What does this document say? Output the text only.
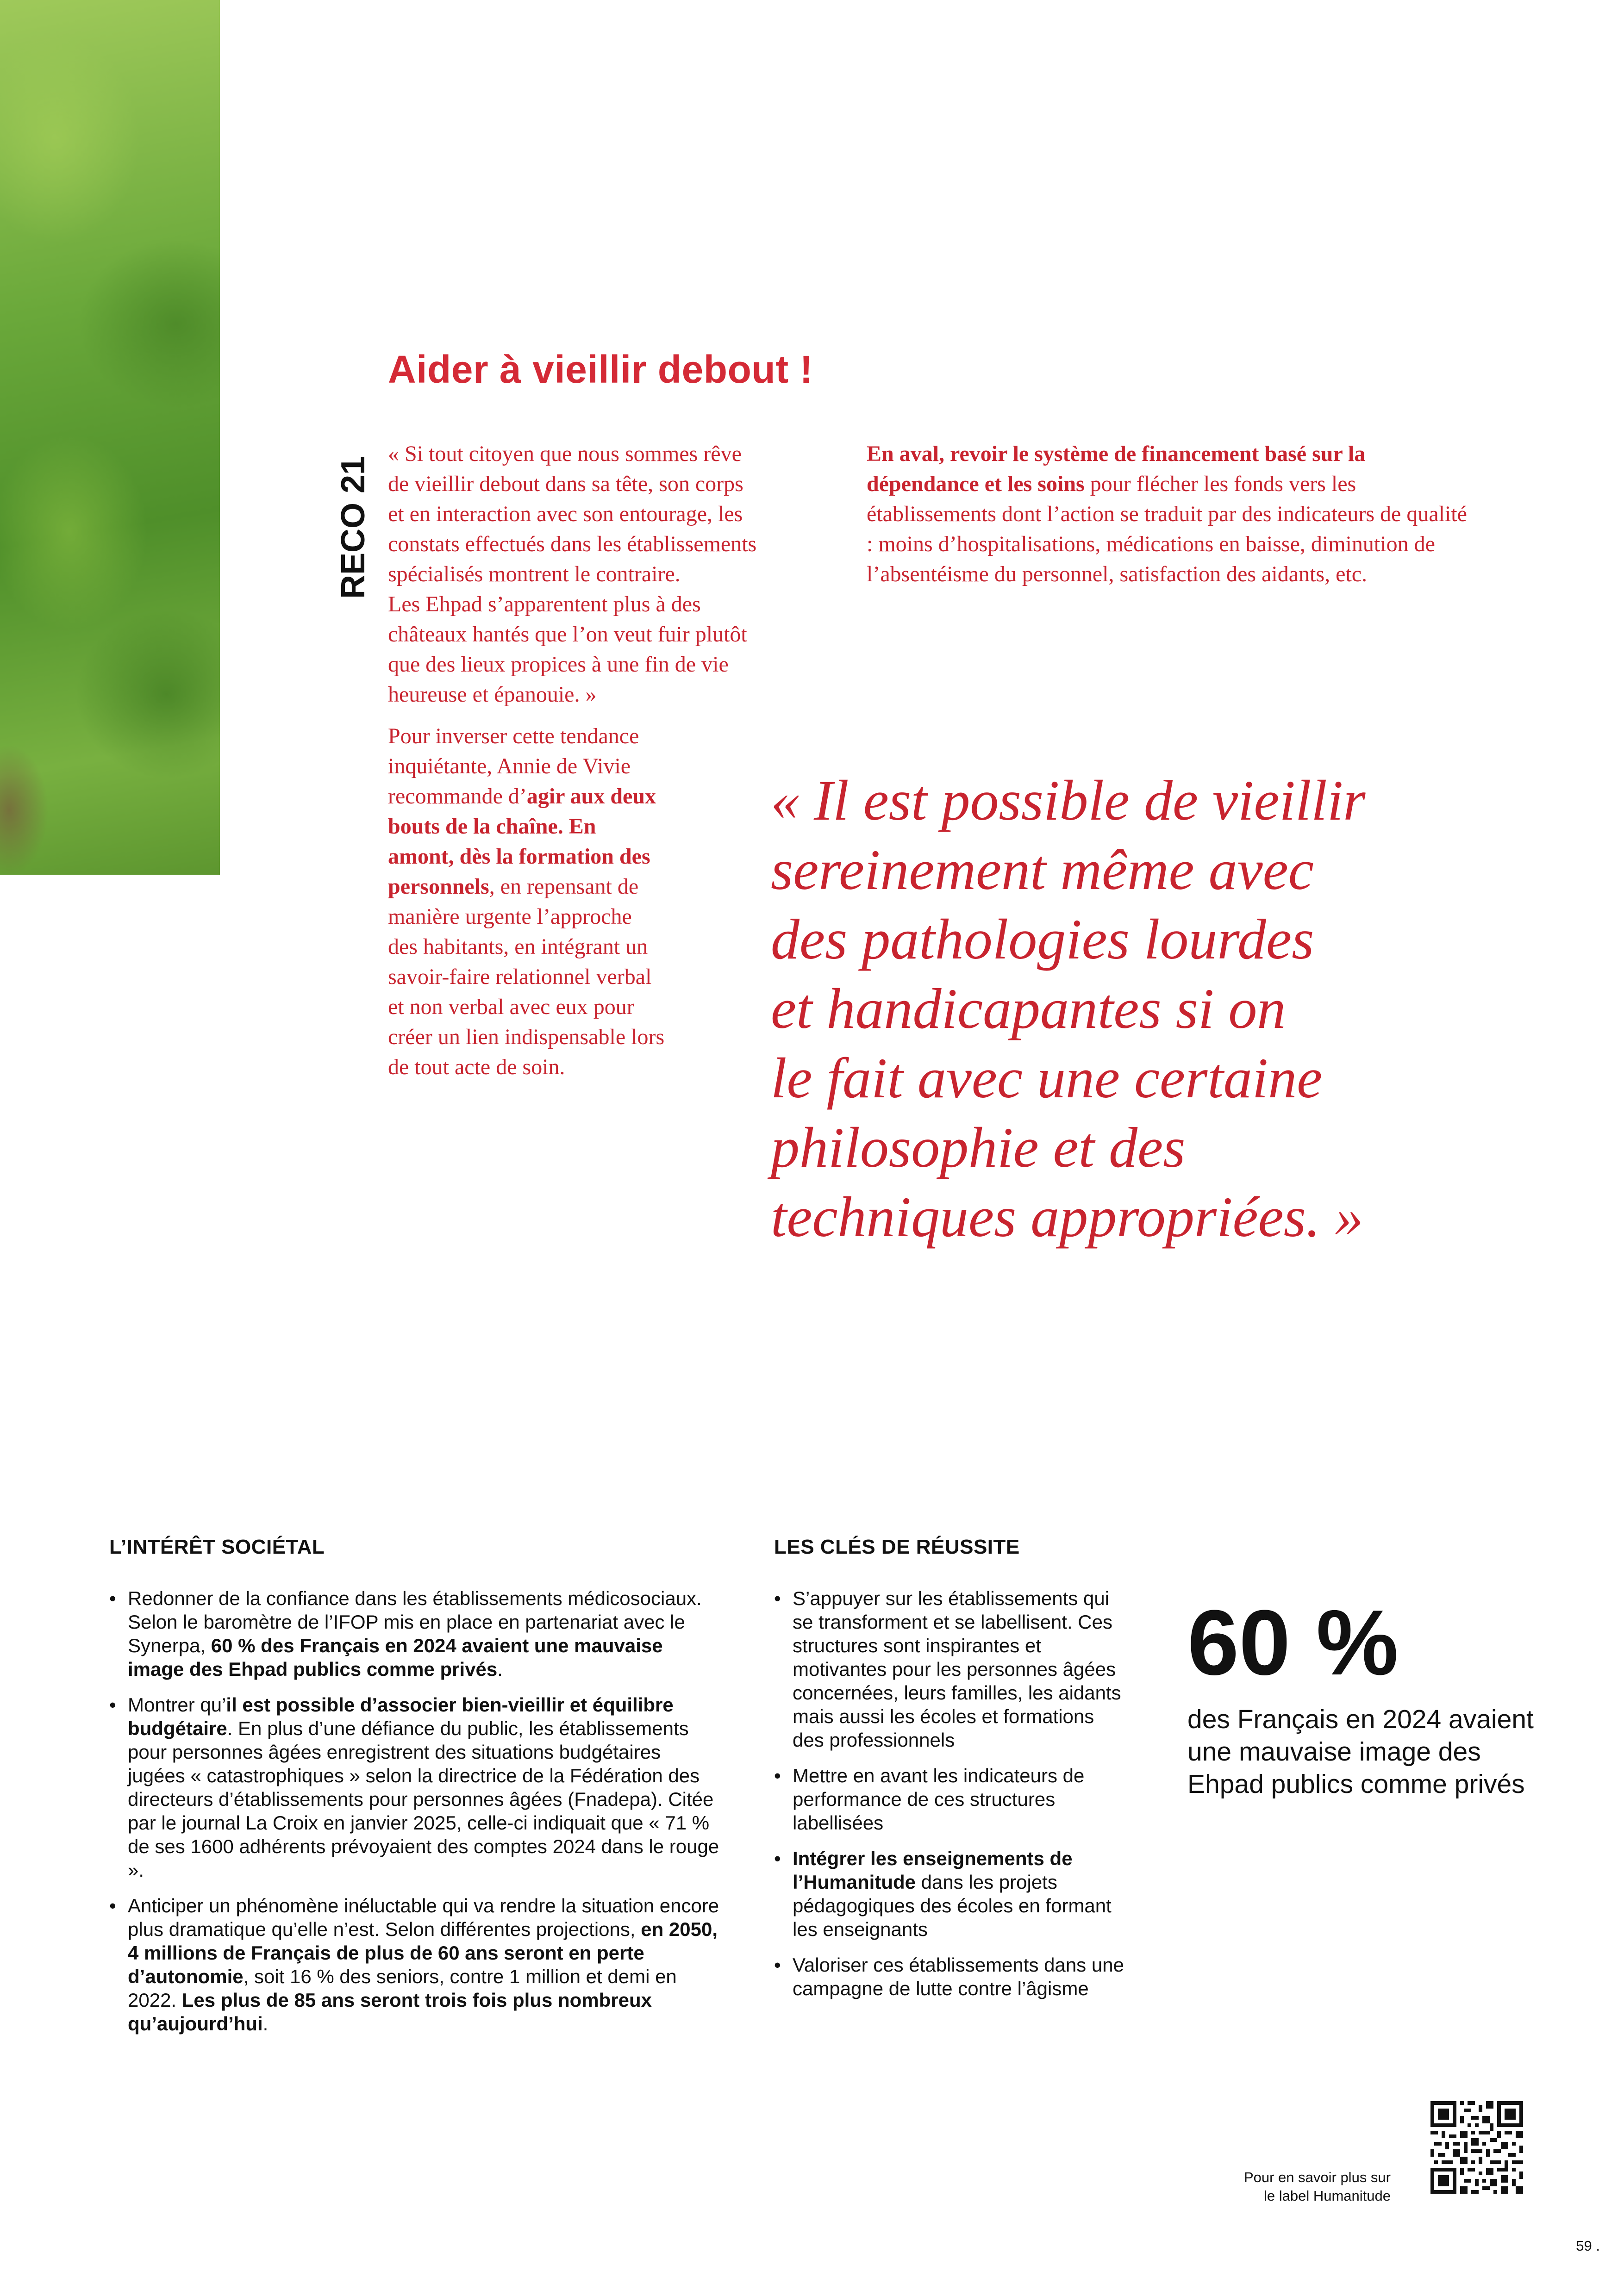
Aider à vieillir debout !
RECO 21

« Si tout citoyen que nous sommes rêve

de vieillir debout dans sa tête, son corps

et en interaction avec son entourage, les

constats effectués dans les établissements

spécialisés montrent le contraire.

Les Ehpad s’apparentent plus à des

châteaux hantés que l’on veut fuir plutôt

que des lieux propices à une fin de vie

heureuse et épanouie. »

Pour inverser cette tendance inquiétante, Annie de Vivie recommande d’agir aux deux bouts de la chaîne. En amont, dès la formation des personnels, en repensant de manière urgente l’approche des habitants, en intégrant un savoir-faire relationnel verbal et non verbal avec eux pour créer un lien indispensable lors de tout acte de soin.
En aval, revoir le système de financement basé sur la dépendance et les soins pour flécher les fonds vers les établissements dont l’action se traduit par des indicateurs de qualité : moins d’hospitalisations, médications en baisse, diminution de l’absentéisme du personnel, satisfaction des aidants, etc.
« Il est possible de vieillir
sereinement même avec
des pathologies lourdes
et handicapantes si on
le fait avec une certaine
philosophie et des
techniques appropriées. »
L’INTÉRÊT SOCIÉTAL
• Redonner de la confiance dans les établissements médicosociaux. Selon le baromètre de l’IFOP mis en place en partenariat avec le Synerpa, 60 % des Français en 2024 avaient une mauvaise image des Ehpad publics comme privés.
• Montrer qu’il est possible d’associer bien-vieillir et équilibre budgétaire. En plus d’une défiance du public, les établissements pour personnes âgées enregistrent des situations budgétaires jugées « catastrophiques » selon la directrice de la Fédération des directeurs d’établissements pour personnes âgées (Fnadepa). Citée par le journal La Croix en janvier 2025, celle-ci indiquait que « 71 % de ses 1600 adhérents prévoyaient des comptes 2024 dans le rouge ».
• Anticiper un phénomène inéluctable qui va rendre la situation encore plus dramatique qu’elle n’est. Selon différentes projections, en 2050, 4 millions de Français de plus de 60 ans seront en perte d’autonomie, soit 16 % des seniors, contre 1 million et demi en 2022. Les plus de 85 ans seront trois fois plus nombreux qu’aujourd’hui.
LES CLÉS DE RÉUSSITE
• S’appuyer sur les établissements qui se transforment et se labellisent. Ces structures sont inspirantes et motivantes pour les personnes âgées concernées, leurs familles, les aidants mais aussi les écoles et formations des professionnels
• Mettre en avant les indicateurs de performance de ces structures labellisées
• Intégrer les enseignements de l’Humanitude dans les projets pédagogiques des écoles en formant les enseignants
• Valoriser ces établissements dans une campagne de lutte contre l’âgisme
60 %
des Français en 2024 avaient une mauvaise image des Ehpad publics comme privés
Pour en savoir plus sur
le label Humanitude
59 .
